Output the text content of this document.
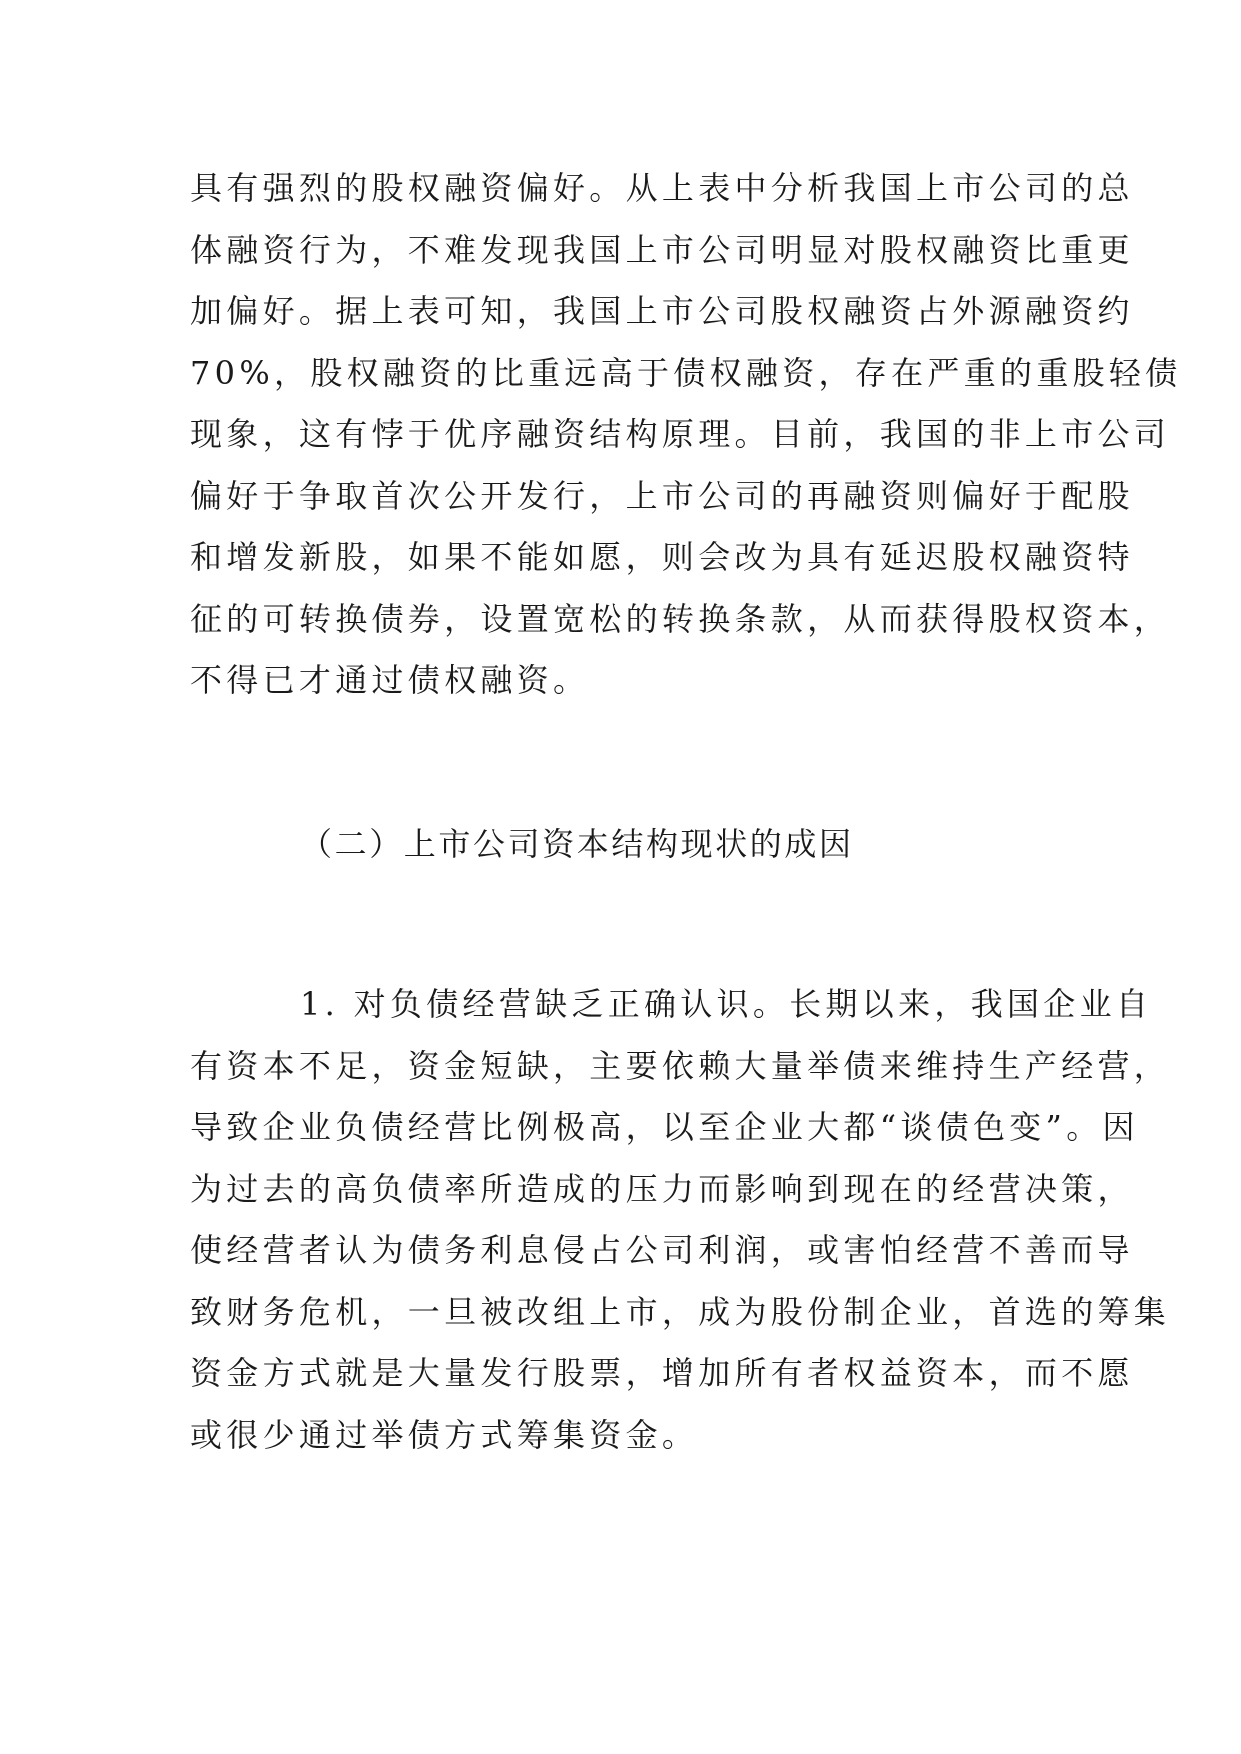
具有强烈的股权融资偏好。从上表中分析我国上市公司的总
体融资行为，不难发现我国上市公司明显对股权融资比重更
加偏好。据上表可知，我国上市公司股权融资占外源融资约
70%，股权融资的比重远高于债权融资，存在严重的重股轻债
现象，这有悖于优序融资结构原理。目前，我国的非上市公司
偏好于争取首次公开发行，上市公司的再融资则偏好于配股
和增发新股，如果不能如愿，则会改为具有延迟股权融资特
征的可转换债券，设置宽松的转换条款，从而获得股权资本，
不得已才通过债权融资。
（二）上市公司资本结构现状的成因
1. 对负债经营缺乏正确认识。长期以来，我国企业自
有资本不足，资金短缺，主要依赖大量举债来维持生产经营，
导致企业负债经营比例极高，以至企业大都“谈债色变”。因
为过去的高负债率所造成的压力而影响到现在的经营决策，
使经营者认为债务利息侵占公司利润，或害怕经营不善而导
致财务危机，一旦被改组上市，成为股份制企业，首选的筹集
资金方式就是大量发行股票，增加所有者权益资本，而不愿
或很少通过举债方式筹集资金。
